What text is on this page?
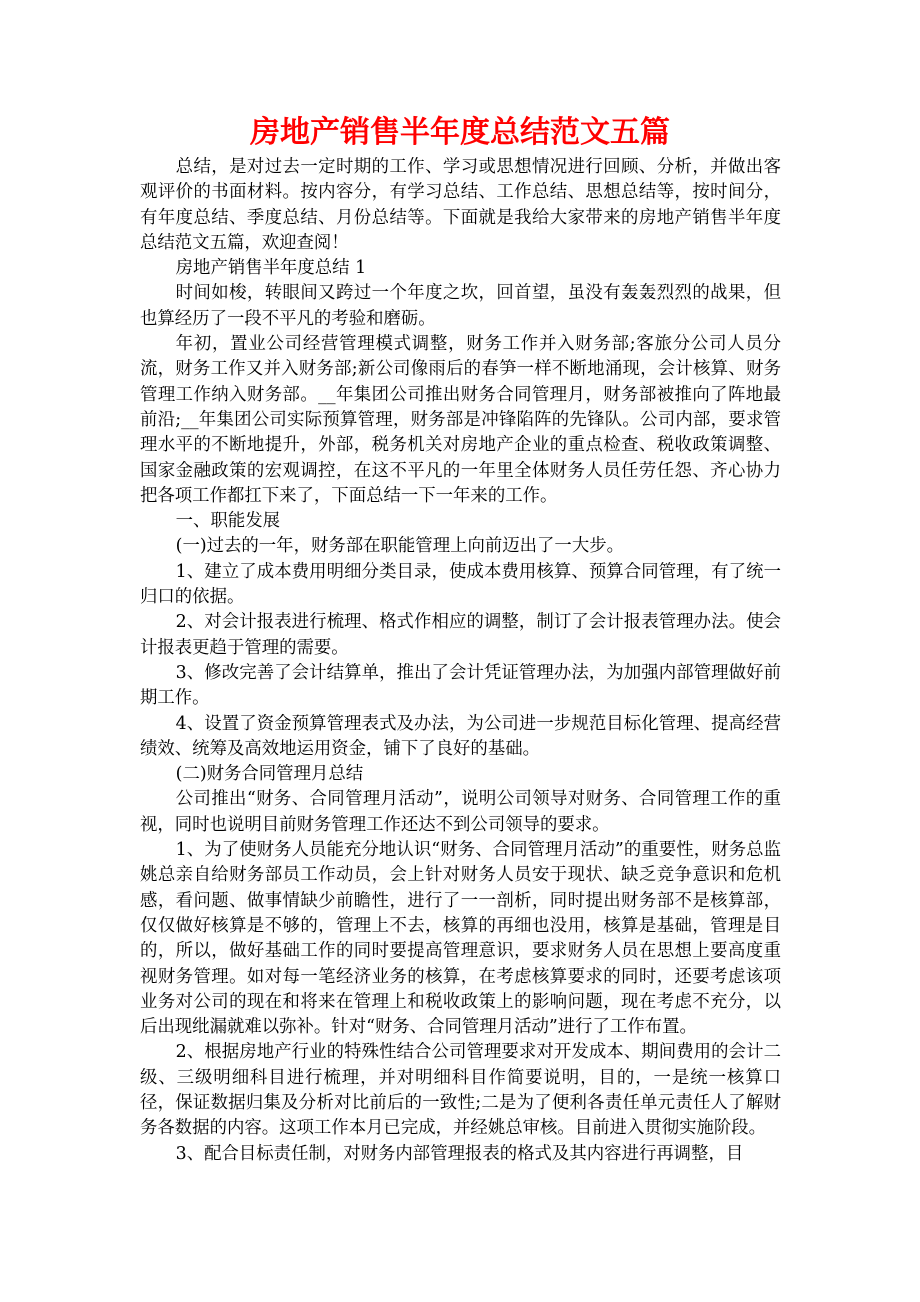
房地产销售半年度总结范文五篇

总结，是对过去一定时期的工作、学习或思想情况进行回顾、分析，并做出客观评价的书面材料。按内容分，有学习总结、工作总结、思想总结等，按时间分，有年度总结、季度总结、月份总结等。下面就是我给大家带来的房地产销售半年度总结范文五篇，欢迎查阅！

房地产销售半年度总结 1

时间如梭，转眼间又跨过一个年度之坎，回首望，虽没有轰轰烈烈的战果，但也算经历了一段不平凡的考验和磨砺。

年初，置业公司经营管理模式调整，财务工作并入财务部;客旅分公司人员分流，财务工作又并入财务部;新公司像雨后的春笋一样不断地涌现，会计核算、财务管理工作纳入财务部。__年集团公司推出财务合同管理月，财务部被推向了阵地最前沿;__年集团公司实际预算管理，财务部是冲锋陷阵的先锋队。公司内部，要求管理水平的不断地提升，外部，税务机关对房地产企业的重点检查、税收政策调整、国家金融政策的宏观调控，在这不平凡的一年里全体财务人员任劳任怨、齐心协力把各项工作都扛下来了，下面总结一下一年来的工作。

一、职能发展

(一)过去的一年，财务部在职能管理上向前迈出了一大步。

1、建立了成本费用明细分类目录，使成本费用核算、预算合同管理，有了统一归口的依据。

2、对会计报表进行梳理、格式作相应的调整，制订了会计报表管理办法。使会计报表更趋于管理的需要。

3、修改完善了会计结算单，推出了会计凭证管理办法，为加强内部管理做好前期工作。

4、设置了资金预算管理表式及办法，为公司进一步规范目标化管理、提高经营绩效、统筹及高效地运用资金，铺下了良好的基础。

(二)财务合同管理月总结

公司推出“财务、合同管理月活动”，说明公司领导对财务、合同管理工作的重视，同时也说明目前财务管理工作还达不到公司领导的要求。

1、为了使财务人员能充分地认识“财务、合同管理月活动”的重要性，财务总监姚总亲自给财务部员工作动员，会上针对财务人员安于现状、缺乏竞争意识和危机感，看问题、做事情缺少前瞻性，进行了一一剖析，同时提出财务部不是核算部，仅仅做好核算是不够的，管理上不去，核算的再细也没用，核算是基础，管理是目的，所以，做好基础工作的同时要提高管理意识，要求财务人员在思想上要高度重视财务管理。如对每一笔经济业务的核算，在考虑核算要求的同时，还要考虑该项业务对公司的现在和将来在管理上和税收政策上的影响问题，现在考虑不充分，以后出现纰漏就难以弥补。针对“财务、合同管理月活动”进行了工作布置。

2、根据房地产行业的特殊性结合公司管理要求对开发成本、期间费用的会计二级、三级明细科目进行梳理，并对明细科目作简要说明，目的，一是统一核算口径，保证数据归集及分析对比前后的一致性;二是为了便利各责任单元责任人了解财务各数据的内容。这项工作本月已完成，并经姚总审核。目前进入贯彻实施阶段。

3、配合目标责任制，对财务内部管理报表的格式及其内容进行再调整，目
